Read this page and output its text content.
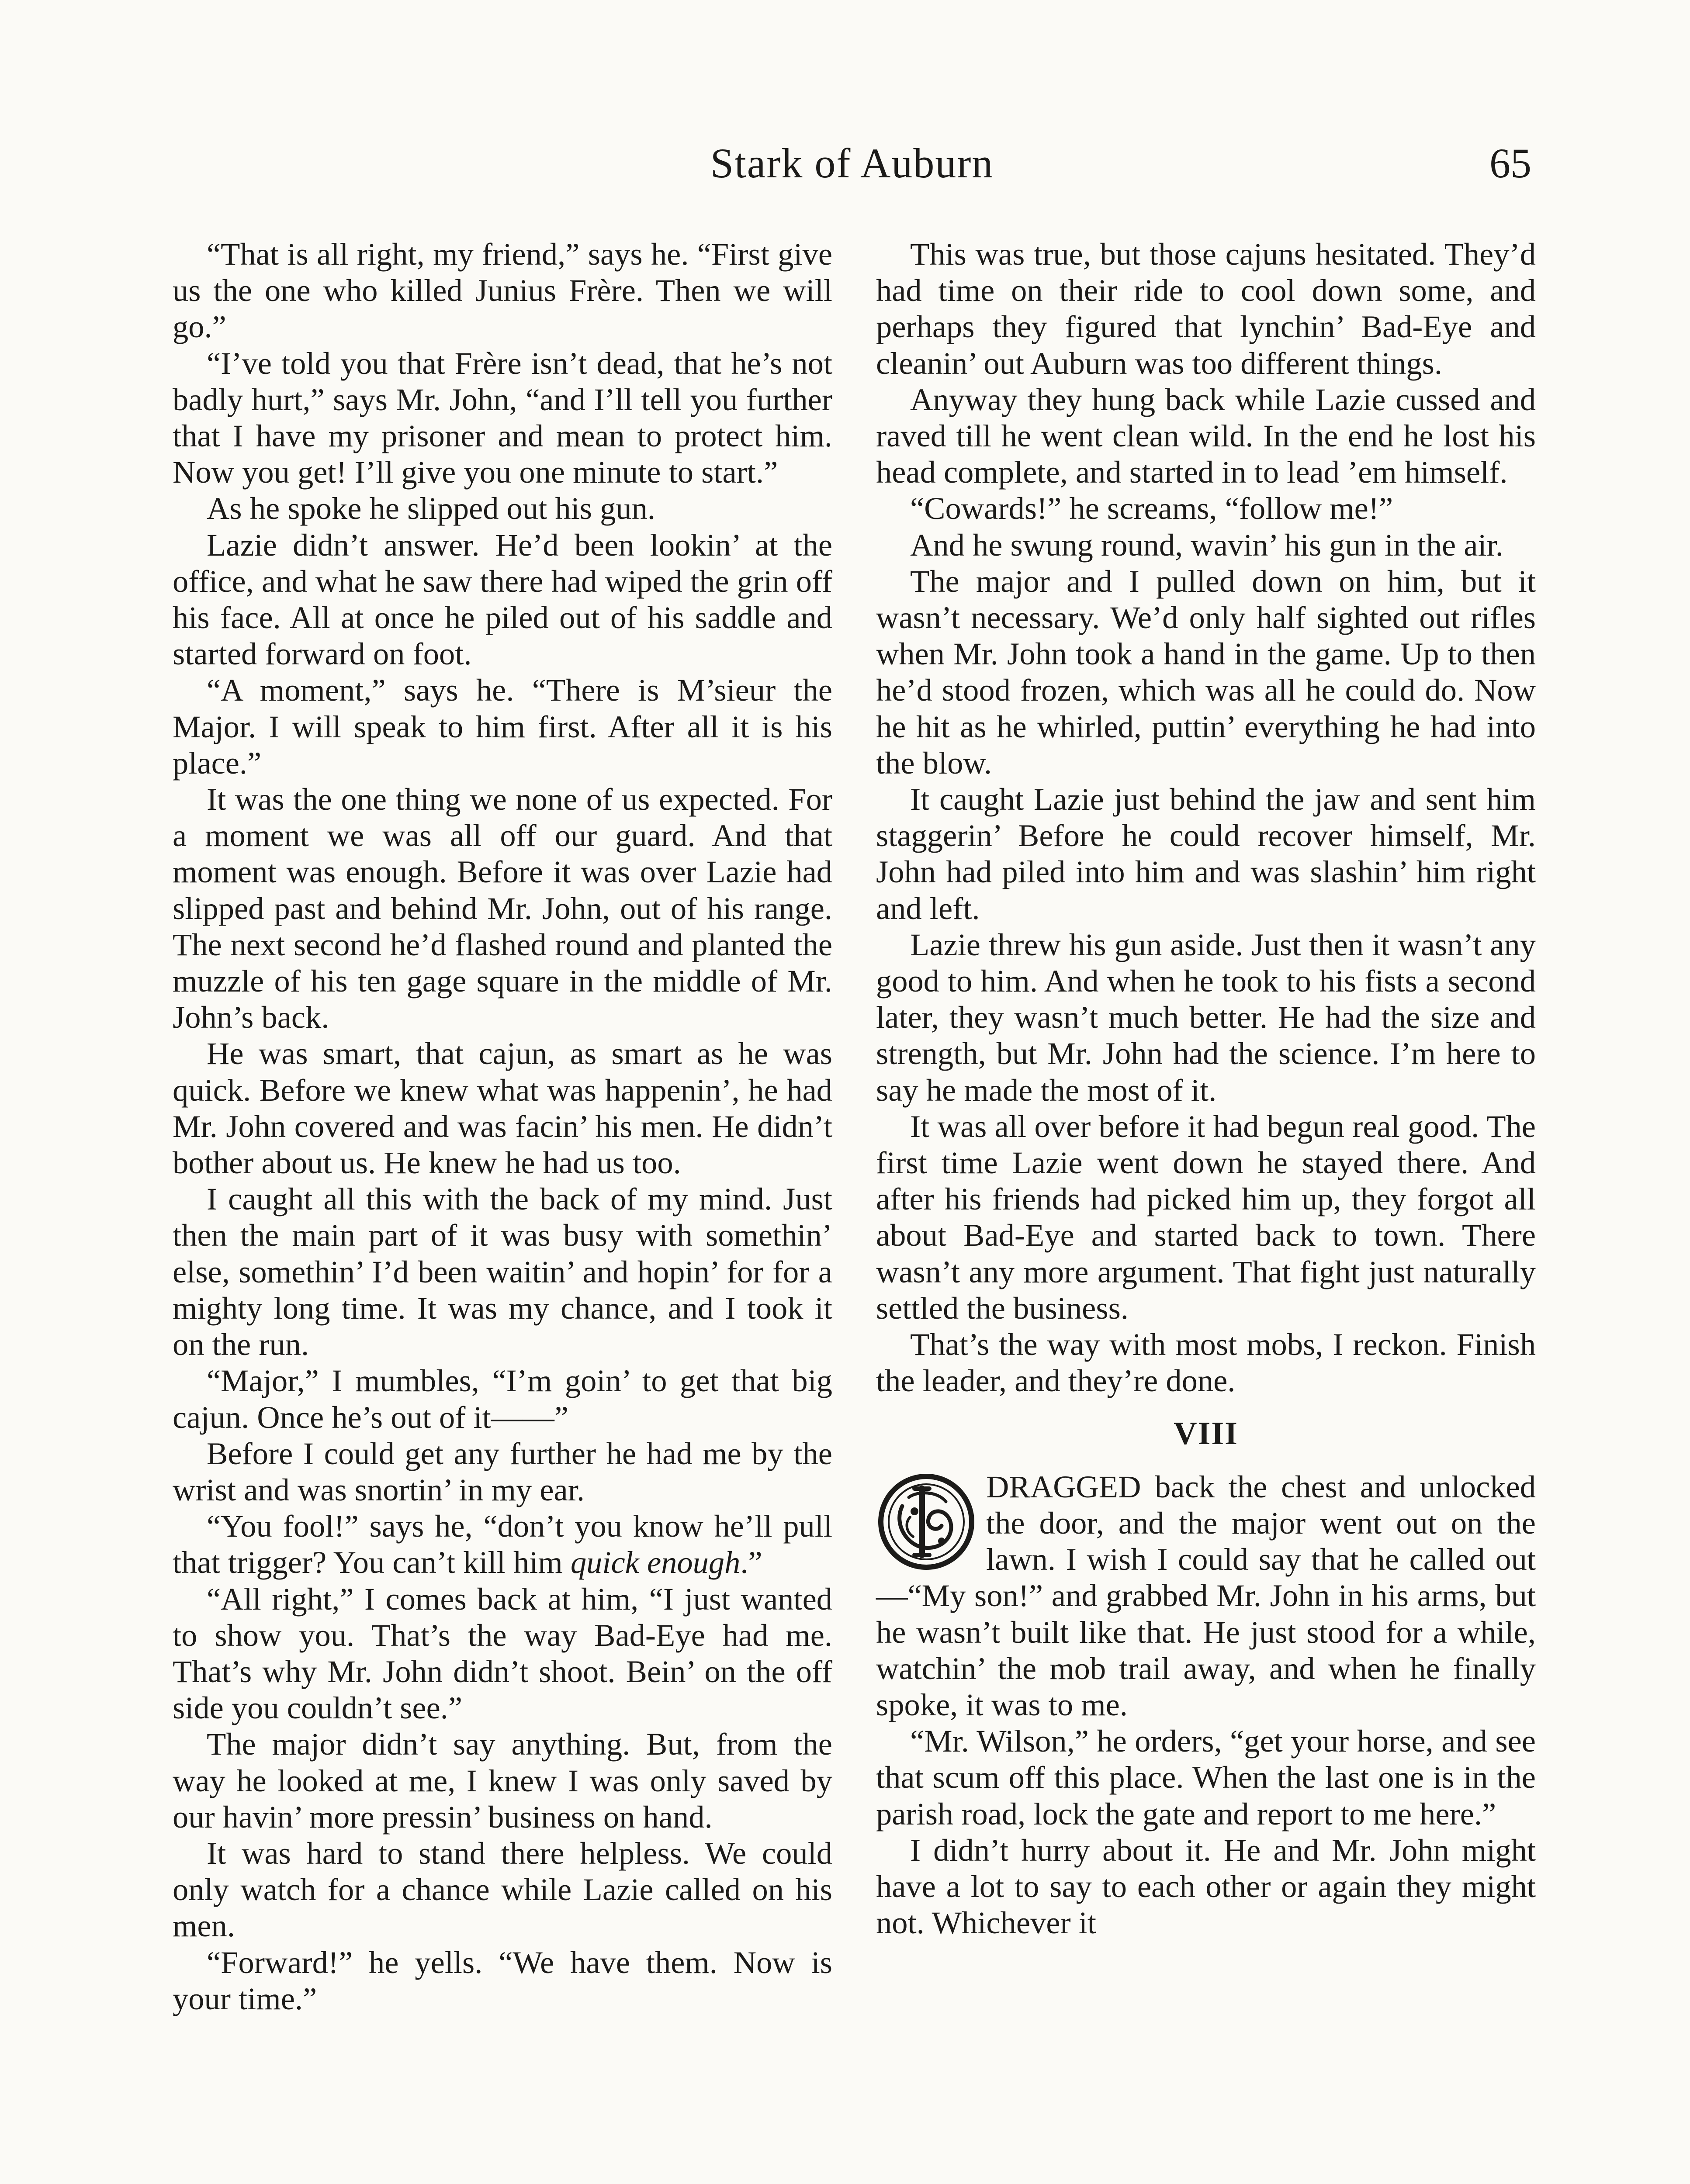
Stark of Auburn	65

“That is all right, my friend,” says he. “First give us the one who killed Junius Frère. Then we will go.”

“I’ve told you that Frère isn’t dead, that he’s not badly hurt,” says Mr. John, “and I’ll tell you further that I have my prisoner and mean to protect him. Now you get! I’ll give you one minute to start.”

As he spoke he slipped out his gun.

Lazie didn’t answer. He’d been lookin’ at the office, and what he saw there had wiped the grin off his face. All at once he piled out of his saddle and started forward on foot.

“A moment,” says he. “There is M’sieur the Major. I will speak to him first. After all it is his place.”

It was the one thing we none of us expected. For a moment we was all off our guard. And that moment was enough. Before it was over Lazie had slipped past and behind Mr. John, out of his range. The next second he’d flashed round and planted the muzzle of his ten gage square in the middle of Mr. John’s back.

He was smart, that cajun, as smart as he was quick. Before we knew what was happenin’, he had Mr. John covered and was facin’ his men. He didn’t bother about us. He knew he had us too.

I caught all this with the back of my mind. Just then the main part of it was busy with somethin’ else, somethin’ I’d been waitin’ and hopin’ for for a mighty long time. It was my chance, and I took it on the run.

“Major,” I mumbles, “I’m goin’ to get that big cajun. Once he’s out of it——”

Before I could get any further he had me by the wrist and was snortin’ in my ear.

“You fool!” says he, “don’t you know he’ll pull that trigger? You can’t kill him quick enough.”

“All right,” I comes back at him, “I just wanted to show you. That’s the way Bad-Eye had me. That’s why Mr. John didn’t shoot. Bein’ on the off side you couldn’t see.”

The major didn’t say anything. But, from the way he looked at me, I knew I was only saved by our havin’ more pressin’ business on hand.

It was hard to stand there helpless. We could only watch for a chance while Lazie called on his men.

“Forward!” he yells. “We have them. Now is your time.”

This was true, but those cajuns hesitated. They’d had time on their ride to cool down some, and perhaps they figured that lynchin’ Bad-Eye and cleanin’ out Auburn was too different things.

Anyway they hung back while Lazie cussed and raved till he went clean wild. In the end he lost his head complete, and started in to lead ’em himself.

“Cowards!” he screams, “follow me!”

And he swung round, wavin’ his gun in the air.

The major and I pulled down on him, but it wasn’t necessary. We’d only half sighted out rifles when Mr. John took a hand in the game. Up to then he’d stood frozen, which was all he could do. Now he hit as he whirled, puttin’ everything he had into the blow.

It caught Lazie just behind the jaw and sent him staggerin’ Before he could recover himself, Mr. John had piled into him and was slashin’ him right and left.

Lazie threw his gun aside. Just then it wasn’t any good to him. And when he took to his fists a second later, they wasn’t much better. He had the size and strength, but Mr. John had the science. I’m here to say he made the most of it.

It was all over before it had begun real good. The first time Lazie went down he stayed there. And after his friends had picked him up, they forgot all about Bad-Eye and started back to town. There wasn’t any more argument. That fight just naturally settled the business.

That’s the way with most mobs, I reckon. Finish the leader, and they’re done.

VIII

I
DRAGGED back the chest and unlocked the door, and the major went out on the lawn. I wish I could say that he called out—“My son!” and grabbed Mr. John in his arms, but he wasn’t built like that. He just stood for a while, watchin’ the mob trail away, and when he finally spoke, it was to me.

“Mr. Wilson,” he orders, “get your horse, and see that scum off this place. When the last one is in the parish road, lock the gate and report to me here.”

I didn’t hurry about it. He and Mr. John might have a lot to say to each other or again they might not. Whichever it
